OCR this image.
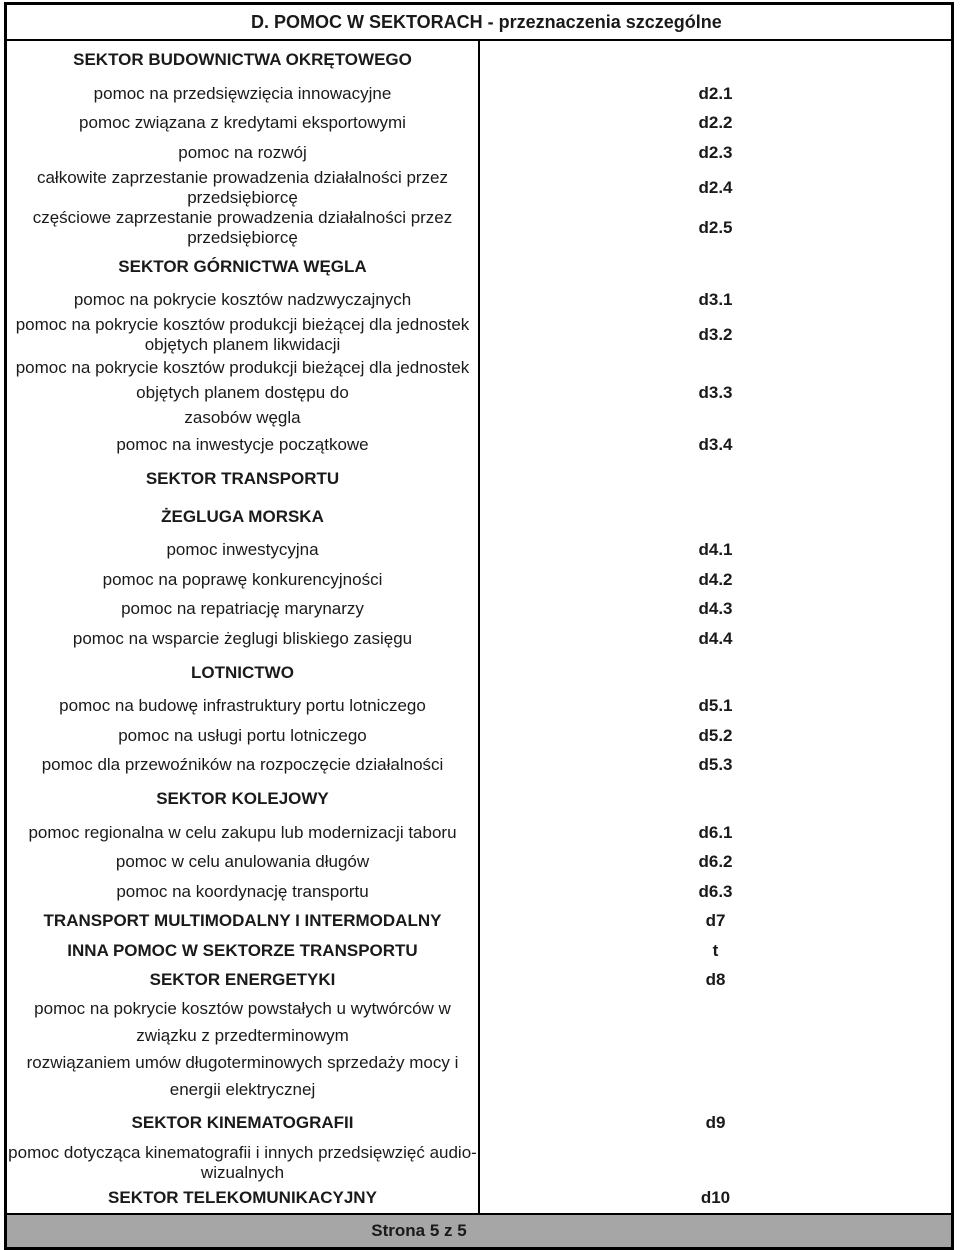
D. POMOC W SEKTORACH - przeznaczenia szczególne	

SEKTOR BUDOWNICTWA OKRĘTOWEGO	

pomoc na przedsięwzięcia innowacyjne	d2.1

pomoc związana z kredytami eksportowymi	d2.2

pomoc na rozwój	d2.3

całkowite zaprzestanie prowadzenia działalności przez przedsiębiorcę	d2.4

częściowe zaprzestanie prowadzenia działalności przez przedsiębiorcę	d2.5

SEKTOR GÓRNICTWA WĘGLA	

pomoc na pokrycie kosztów nadzwyczajnych	d3.1

pomoc na pokrycie kosztów produkcji bieżącej dla jednostek objętych planem likwidacji	d3.2

pomoc na pokrycie kosztów produkcji bieżącej dla jednostek objętych planem dostępu do
zasobów węgla	d3.3

pomoc na inwestycje początkowe	d3.4

SEKTOR TRANSPORTU	

ŻEGLUGA MORSKA	

pomoc inwestycyjna	d4.1

pomoc na poprawę konkurencyjności	d4.2

pomoc na repatriację marynarzy	d4.3

pomoc na wsparcie żeglugi bliskiego zasięgu	d4.4

LOTNICTWO	

pomoc na budowę infrastruktury portu lotniczego	d5.1

pomoc na usługi portu lotniczego	d5.2

pomoc dla przewoźników na rozpoczęcie działalności	d5.3

SEKTOR KOLEJOWY	

pomoc regionalna w celu zakupu lub modernizacji taboru	d6.1

pomoc w celu anulowania długów	d6.2

pomoc na koordynację transportu	d6.3

TRANSPORT MULTIMODALNY I INTERMODALNY	d7

INNA POMOC W SEKTORZE TRANSPORTU	t

SEKTOR ENERGETYKI	d8

pomoc na pokrycie kosztów powstałych u wytwórców w związku z przedterminowym
rozwiązaniem umów długoterminowych sprzedaży mocy i energii elektrycznej	

SEKTOR KINEMATOGRAFII	d9

pomoc dotycząca kinematografii i innych przedsięwzięć audio-wizualnych	

SEKTOR TELEKOMUNIKACYJNY	d10
Strona 5 z 5	
